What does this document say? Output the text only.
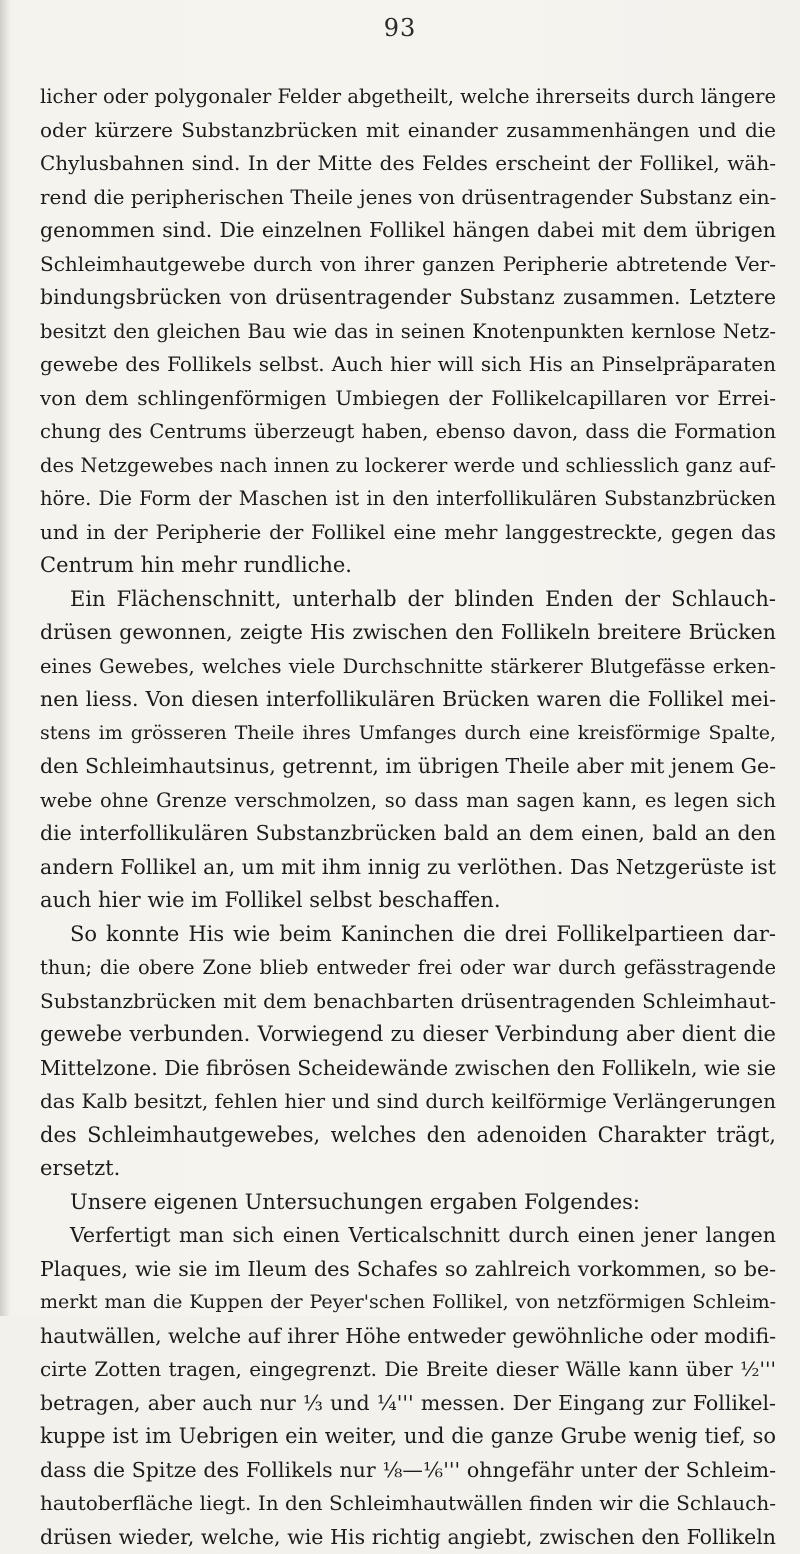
93
licher oder polygonaler Felder abgetheilt, welche ihrerseits durch längere
oder kürzere Substanzbrücken mit einander zusammenhängen und die
Chylusbahnen sind. In der Mitte des Feldes erscheint der Follikel, wäh-
rend die peripherischen Theile jenes von drüsentragender Substanz ein-
genommen sind. Die einzelnen Follikel hängen dabei mit dem übrigen
Schleimhautgewebe durch von ihrer ganzen Peripherie abtretende Ver-
bindungsbrücken von drüsentragender Substanz zusammen. Letztere
besitzt den gleichen Bau wie das in seinen Knotenpunkten kernlose Netz-
gewebe des Follikels selbst. Auch hier will sich His an Pinselpräparaten
von dem schlingenförmigen Umbiegen der Follikelcapillaren vor Errei-
chung des Centrums überzeugt haben, ebenso davon, dass die Formation
des Netzgewebes nach innen zu lockerer werde und schliesslich ganz auf-
höre. Die Form der Maschen ist in den interfollikulären Substanzbrücken
und in der Peripherie der Follikel eine mehr langgestreckte, gegen das
Centrum hin mehr rundliche.
Ein Flächenschnitt, unterhalb der blinden Enden der Schlauch-
drüsen gewonnen, zeigte His zwischen den Follikeln breitere Brücken
eines Gewebes, welches viele Durchschnitte stärkerer Blutgefässe erken-
nen liess. Von diesen interfollikulären Brücken waren die Follikel mei-
stens im grösseren Theile ihres Umfanges durch eine kreisförmige Spalte,
den Schleimhautsinus, getrennt, im übrigen Theile aber mit jenem Ge-
webe ohne Grenze verschmolzen, so dass man sagen kann, es legen sich
die interfollikulären Substanzbrücken bald an dem einen, bald an den
andern Follikel an, um mit ihm innig zu verlöthen. Das Netzgerüste ist
auch hier wie im Follikel selbst beschaffen.
So konnte His wie beim Kaninchen die drei Follikelpartieen dar-
thun; die obere Zone blieb entweder frei oder war durch gefässtragende
Substanzbrücken mit dem benachbarten drüsentragenden Schleimhaut-
gewebe verbunden. Vorwiegend zu dieser Verbindung aber dient die
Mittelzone. Die fibrösen Scheidewände zwischen den Follikeln, wie sie
das Kalb besitzt, fehlen hier und sind durch keilförmige Verlängerungen
des Schleimhautgewebes, welches den adenoiden Charakter trägt,
ersetzt.
Unsere eigenen Untersuchungen ergaben Folgendes:
Verfertigt man sich einen Verticalschnitt durch einen jener langen
Plaques, wie sie im Ileum des Schafes so zahlreich vorkommen, so be-
merkt man die Kuppen der Peyer'schen Follikel, von netzförmigen Schleim-
hautwällen, welche auf ihrer Höhe entweder gewöhnliche oder modifi-
cirte Zotten tragen, eingegrenzt. Die Breite dieser Wälle kann über ½'''
betragen, aber auch nur ⅓ und ¼''' messen. Der Eingang zur Follikel-
kuppe ist im Uebrigen ein weiter, und die ganze Grube wenig tief, so
dass die Spitze des Follikels nur ⅛—⅙''' ohngefähr unter der Schleim-
hautoberfläche liegt. In den Schleimhautwällen finden wir die Schlauch-
drüsen wieder, welche, wie His richtig angiebt, zwischen den Follikeln
